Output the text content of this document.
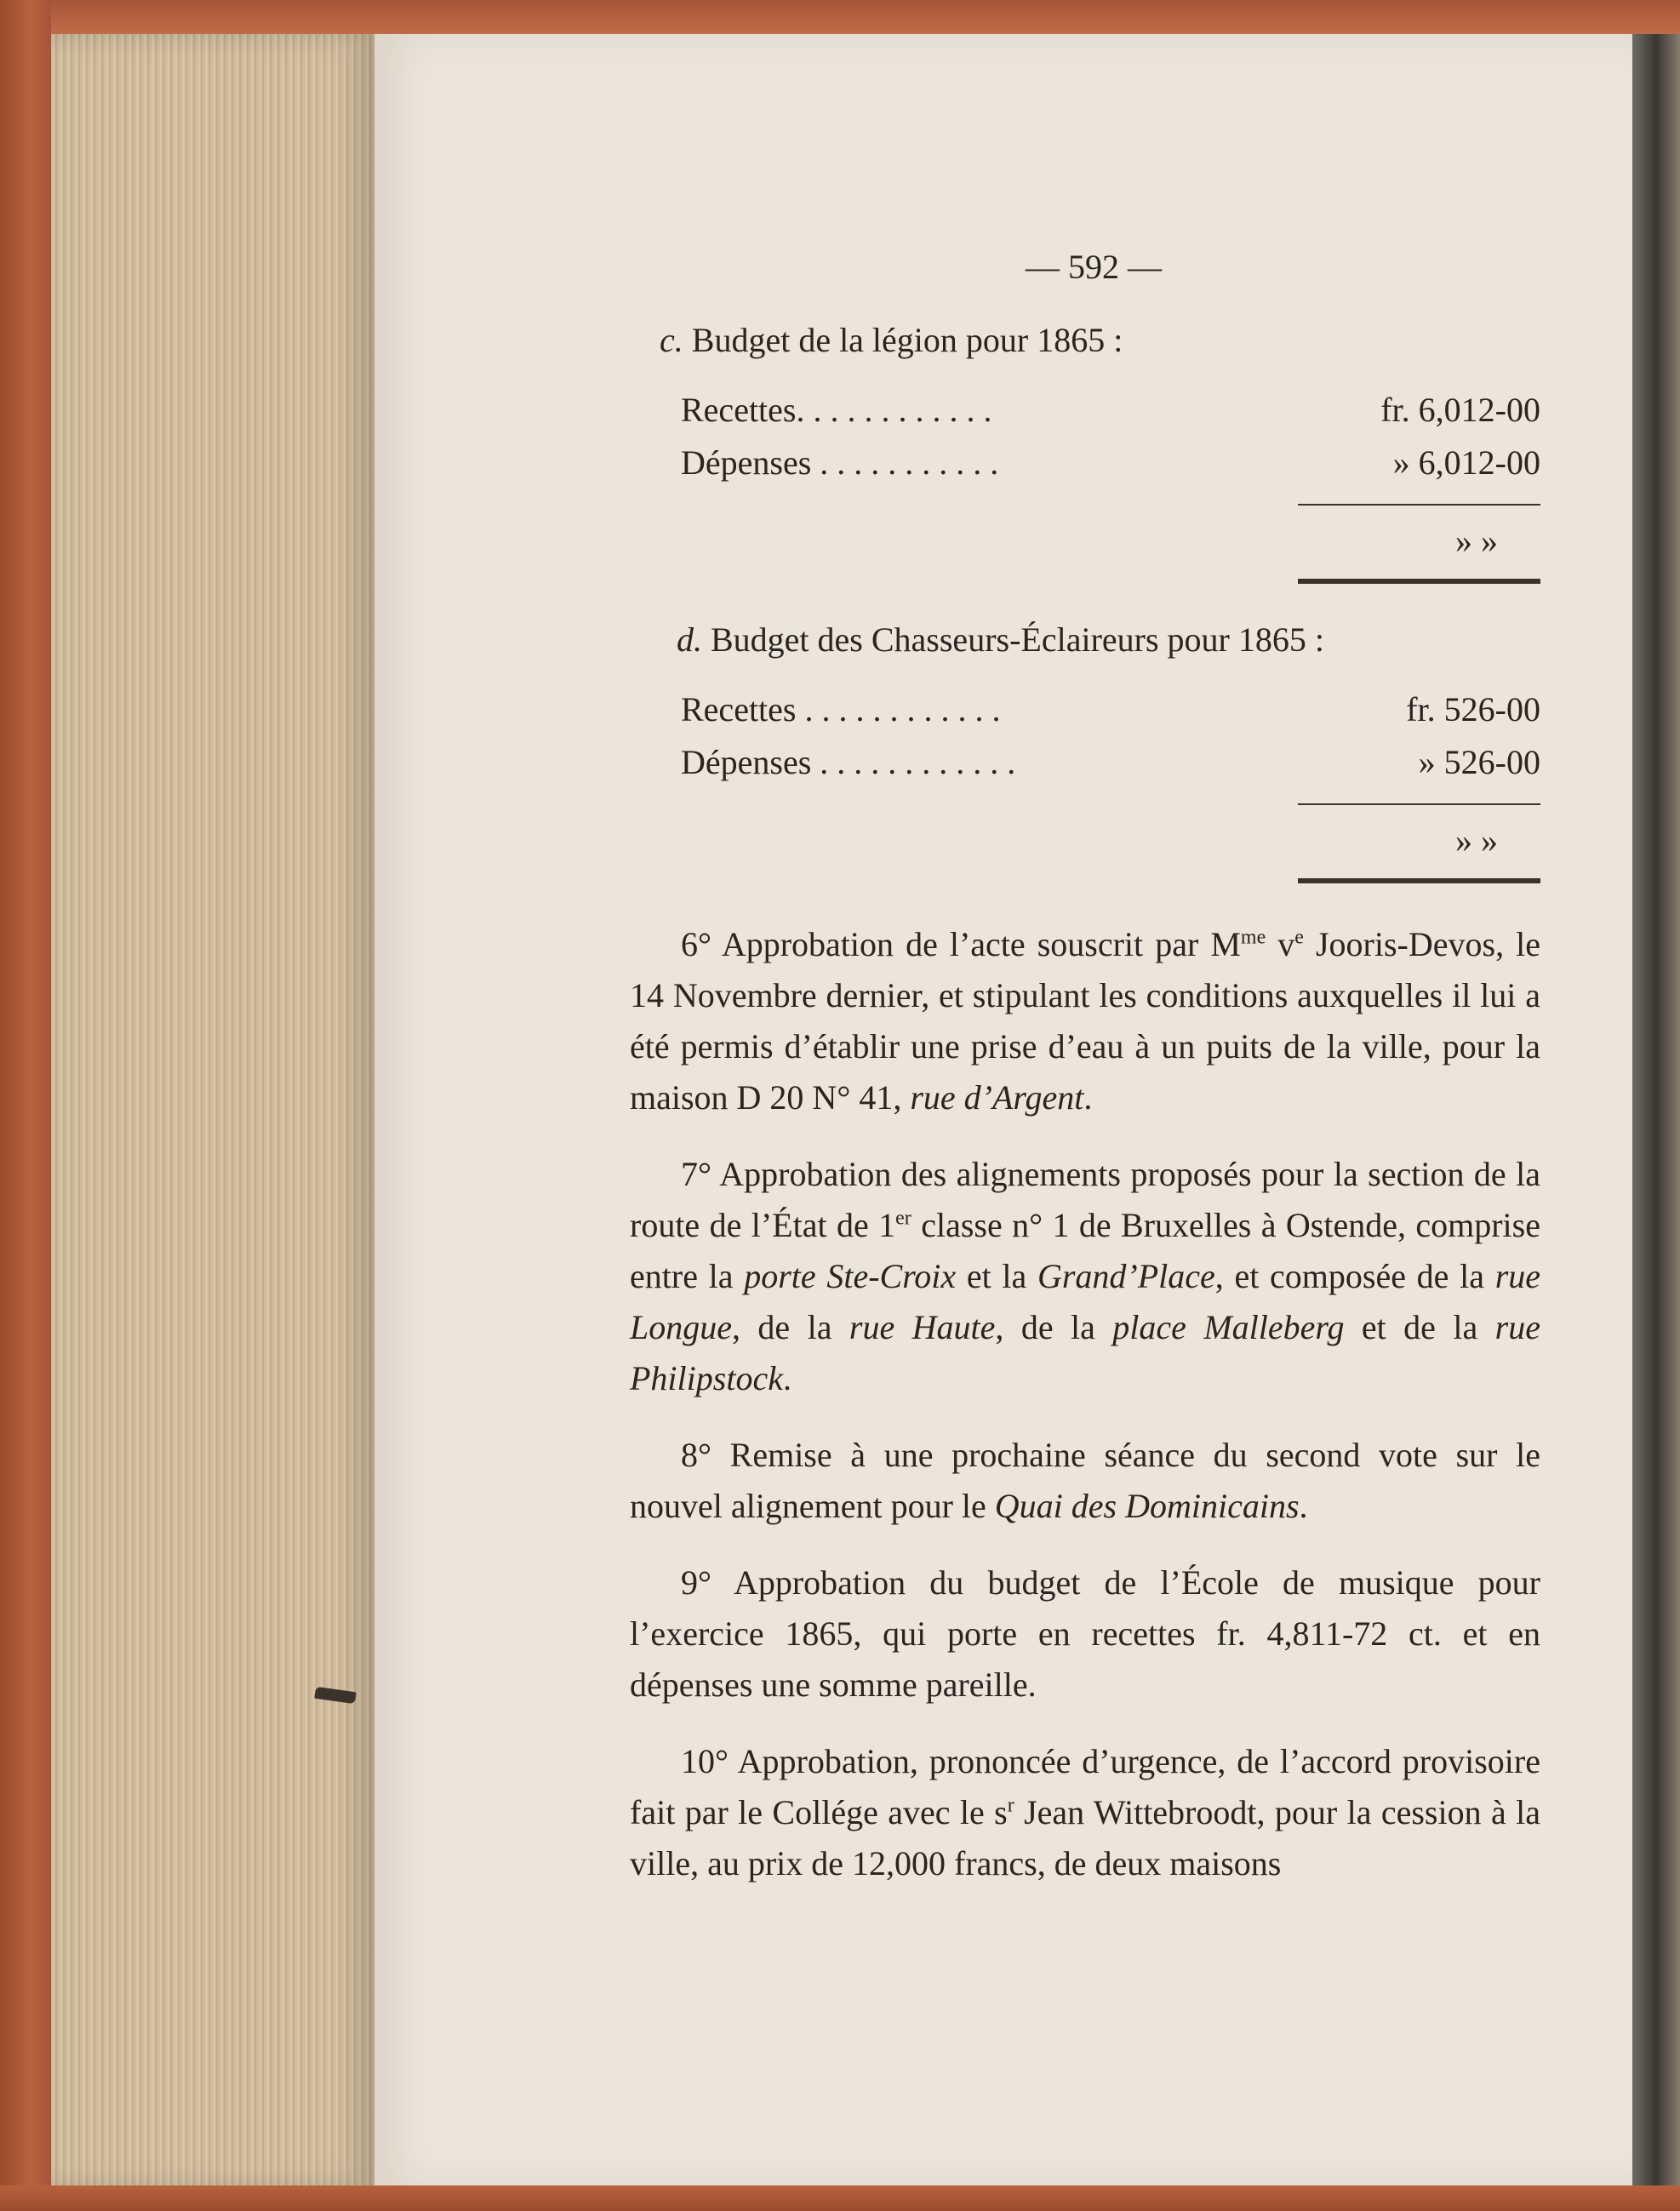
— 592 —
c. Budget de la légion pour 1865 :
Recettes. . . . . . . . . . . .	fr. 6,012-00
Dépenses . . . . . . . . . . .	» 6,012-00
» »
d. Budget des Chasseurs-Éclaireurs pour 1865 :
Recettes . . . . . . . . . . . .	fr. 526-00
Dépenses . . . . . . . . . . . .	» 526-00
» »

6° Approbation de l’acte souscrit par $M^{me}$ $v^e$ Jooris-Devos, le 14 Novembre dernier, et stipulant les conditions auxquelles il lui a été permis d’établir une prise d’eau à un puits de la ville, pour la maison D 20 N° 41, rue d’Argent.

7° Approbation des alignements proposés pour la section de la route de l’État de 1er classe n° 1 de Bruxelles à Ostende, comprise entre la porte Ste-Croix et la Grand’Place, et composée de la rue Longue, de la rue Haute, de la place Malleberg et de la rue Philipstock.

8° Remise à une prochaine séance du second vote sur le nouvel alignement pour le Quai des Dominicains.

9° Approbation du budget de l’École de musique pour l’exercice 1865, qui porte en recettes fr. 4,811-72 ct. et en dépenses une somme pareille.

10° Approbation, prononcée d’urgence, de l’accord provisoire fait par le Collége avec le $s^r$ Jean Wittebroodt, pour la cession à la ville, au prix de 12,000 francs, de deux maisons
